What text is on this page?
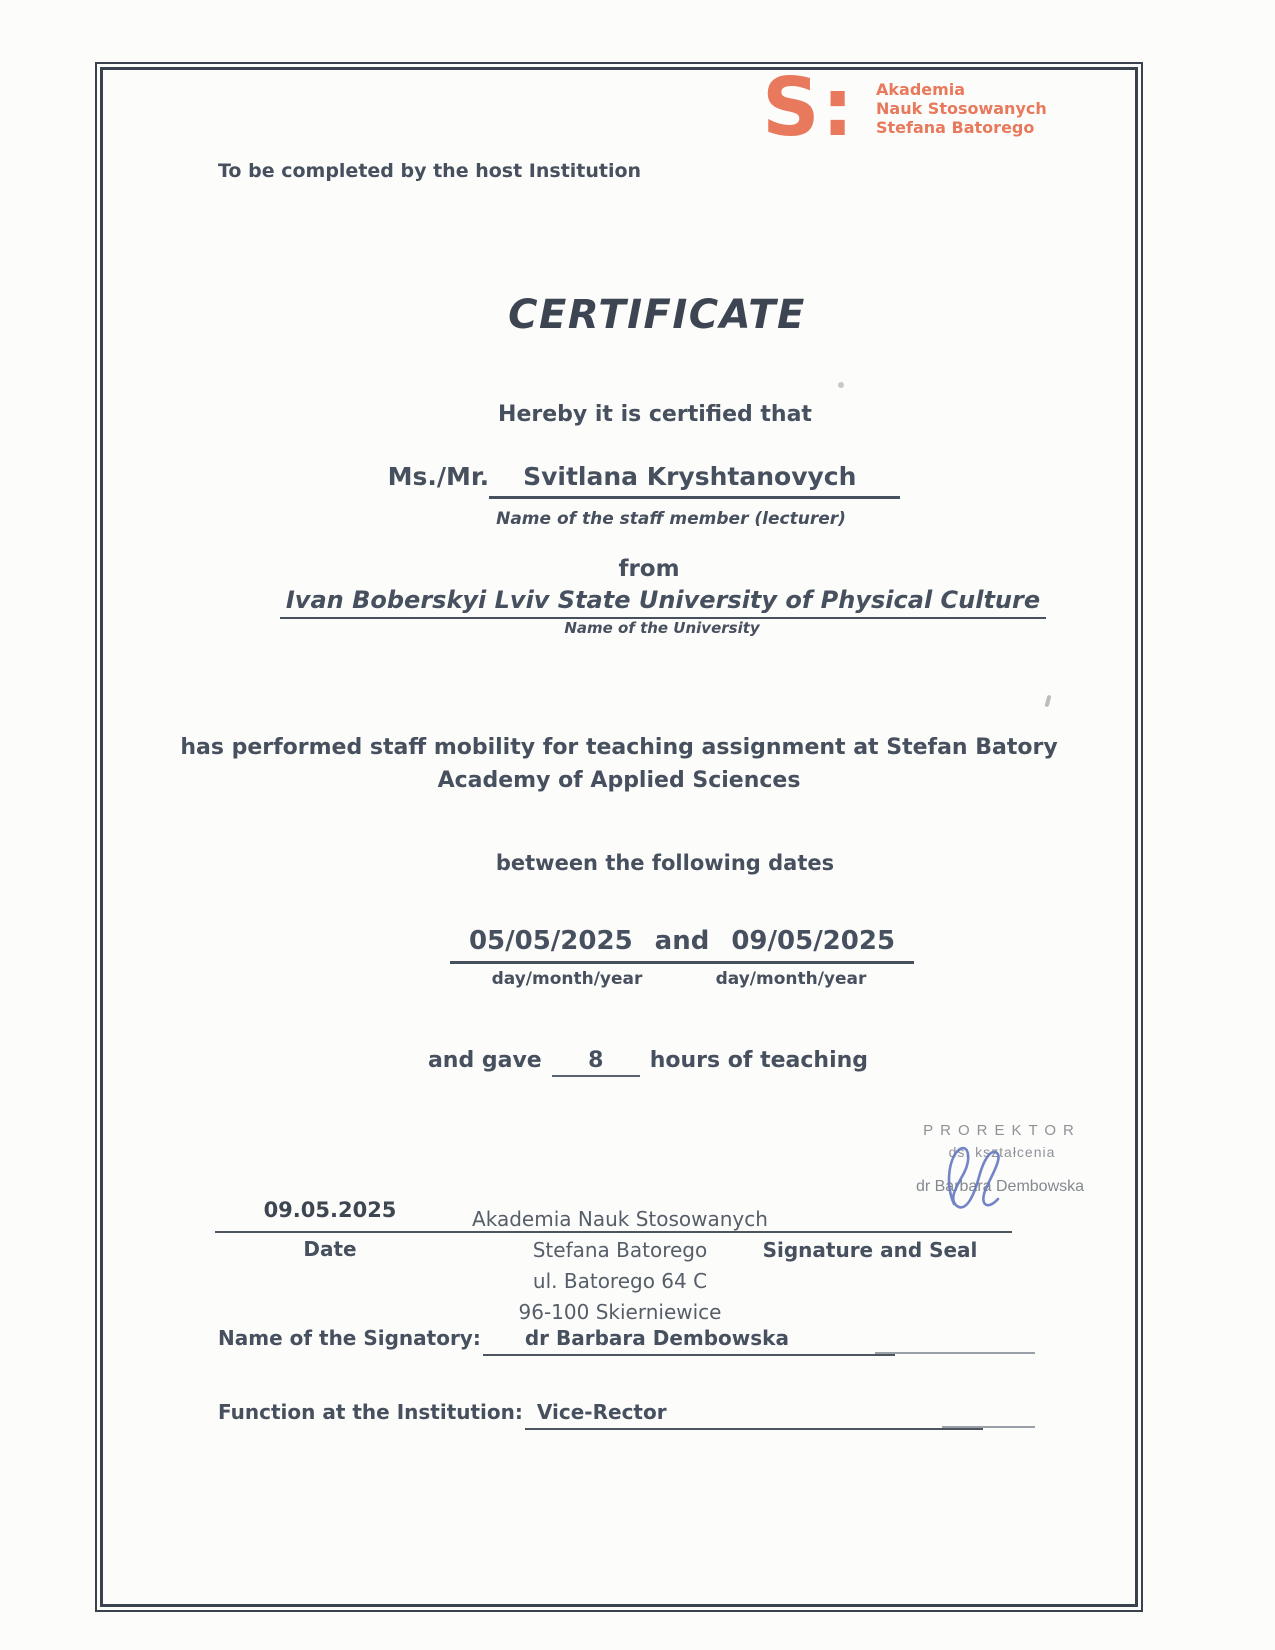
S: Akademia
Nauk Stosowanych
Stefana Batorego
To be completed by the host Institution
CERTIFICATE
Hereby it is certified that
Ms./Mr. Svitlana Kryshtanovych
Name of the staff member (lecturer)
from
Ivan Boberskyi Lviv State University of Physical Culture
Name of the University
has performed staff mobility for teaching assignment at Stefan Batory
Academy of Applied Sciences
between the following dates
05/05/2025 and 09/05/2025
day/month/year	day/month/year
and gave 8 hours of teaching
PROREKTOR
ds. kształcenia
dr Barbara Dembowska
09.05.2025
Date	Signature and Seal
Akademia Nauk Stosowanych
Stefana Batorego
ul. Batorego 64 C
96-100 Skierniewice
Name of the Signatory:	dr Barbara Dembowska
Function at the Institution: Vice-Rector
